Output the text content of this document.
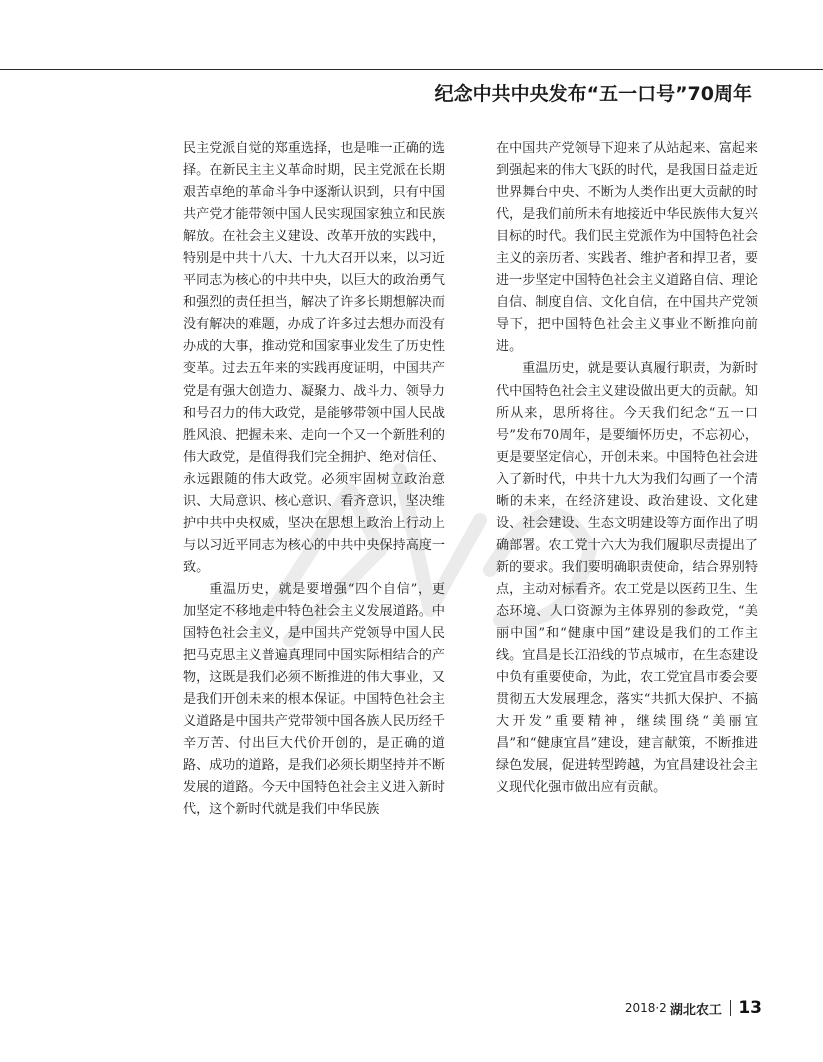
纪念中共中央发布“五一口号”70周年

民主党派自觉的郑重选择，也是唯一正确的选择。在新民主主义革命时期，民主党派在长期艰苦卓绝的革命斗争中逐渐认识到，只有中国共产党才能带领中国人民实现国家独立和民族解放。在社会主义建设、改革开放的实践中，特别是中共十八大、十九大召开以来，以习近平同志为核心的中共中央，以巨大的政治勇气和强烈的责任担当，解决了许多长期想解决而没有解决的难题，办成了许多过去想办而没有办成的大事，推动党和国家事业发生了历史性变革。过去五年来的实践再度证明，中国共产党是有强大创造力、凝聚力、战斗力、领导力和号召力的伟大政党，是能够带领中国人民战胜风浪、把握未来、走向一个又一个新胜利的伟大政党，是值得我们完全拥护、绝对信任、永远跟随的伟大政党。必须牢固树立政治意识、大局意识、核心意识、看齐意识，坚决维护中共中央权威，坚决在思想上政治上行动上与以习近平同志为核心的中共中央保持高度一致。

重温历史，就是要增强“四个自信”，更加坚定不移地走中特色社会主义发展道路。中国特色社会主义，是中国共产党领导中国人民把马克思主义普遍真理同中国实际相结合的产物，这既是我们必须不断推进的伟大事业，又是我们开创未来的根本保证。中国特色社会主义道路是中国共产党带领中国各族人民历经千辛万苦、付出巨大代价开创的，是正确的道路、成功的道路，是我们必须长期坚持并不断发展的道路。今天中国特色社会主义进入新时代，这个新时代就是我们中华民族

在中国共产党领导下迎来了从站起来、富起来到强起来的伟大飞跃的时代，是我国日益走近世界舞台中央、不断为人类作出更大贡献的时代，是我们前所未有地接近中华民族伟大复兴目标的时代。我们民主党派作为中国特色社会主义的亲历者、实践者、维护者和捍卫者，要进一步坚定中国特色社会主义道路自信、理论自信、制度自信、文化自信，在中国共产党领导下，把中国特色社会主义事业不断推向前进。

重温历史，就是要认真履行职责，为新时代中国特色社会主义建设做出更大的贡献。知所从来，思所将往。今天我们纪念“五一口号”发布70周年，是要缅怀历史，不忘初心，更是要坚定信心，开创未来。中国特色社会进入了新时代，中共十九大为我们勾画了一个清晰的未来，在经济建设、政治建设、文化建设、社会建设、生态文明建设等方面作出了明确部署。农工党十六大为我们履职尽责提出了新的要求。我们要明确职责使命，结合界别特点，主动对标看齐。农工党是以医药卫生、生态环境、人口资源为主体界别的参政党，“美丽中国”和“健康中国”建设是我们的工作主线。宜昌是长江沿线的节点城市，在生态建设中负有重要使命，为此，农工党宜昌市委会要贯彻五大发展理念，落实“共抓大保护、不搞大开发”重要精神，继续围绕“美丽宜昌”和“健康宜昌”建设，建言献策，不断推进绿色发展，促进转型跨越，为宜昌建设社会主义现代化强市做出应有贡献。

2018·2 湖北农工 13
